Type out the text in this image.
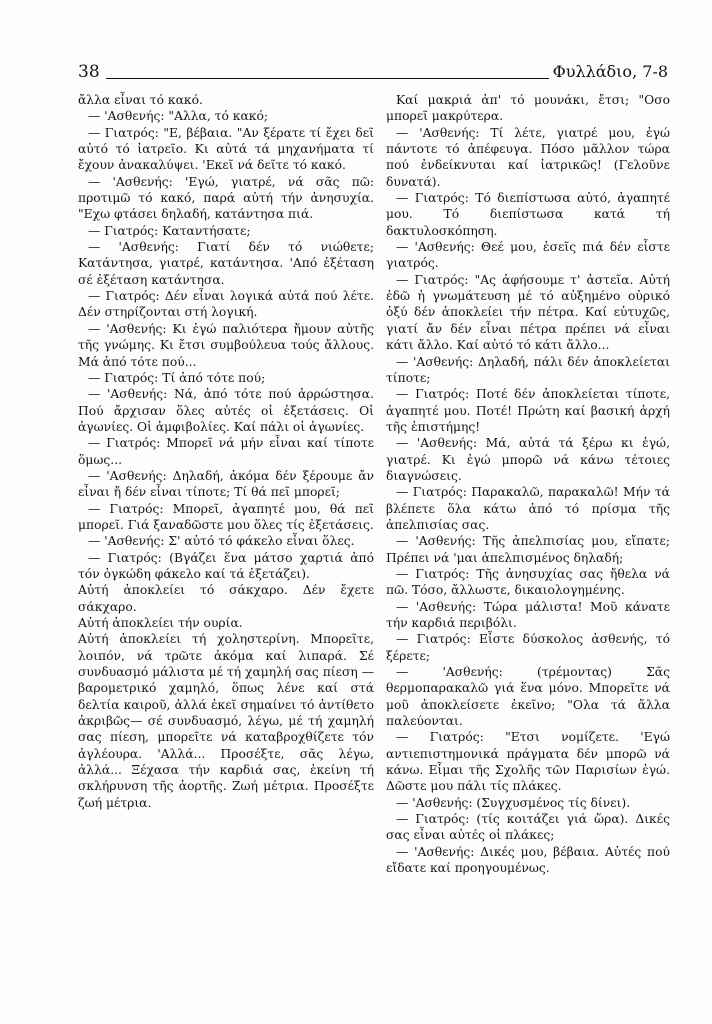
38	Φυλλάδιο, 7-8

ἄλλα εἶναι τό κακό.

— 'Ασθενής: "Αλλα, τό κακό;

— Γιατρός: "Ε, βέβαια. "Αν ξέρατε τί ἔχει δεῖ αὐτό τό ἰατρεῖο. Κι αὐτά τά μηχανήματα τί ἔχουν ἀνακαλύψει. 'Εκεῖ νά δεῖτε τό κακό.

— 'Ασθενής: 'Εγώ, γιατρέ, νά σᾶς πῶ: προτιμῶ τό κακό, παρά αὐτή τήν ἀνησυχία. "Εχω φτάσει δηλαδή, κατάντησα πιά.

— Γιατρός: Καταντήσατε;

— 'Ασθενής: Γιατί δέν τό νιώθετε; Κατάντησα, γιατρέ, κατάντησα. 'Από ἐξέταση σέ ἐξέταση κατάντησα.

— Γιατρός: Δέν εἶναι λογικά αὐτά πού λέτε. Δέν στηρίζονται στή λογική.

— 'Ασθενής: Κι ἐγώ παλιότερα ἤμουν αὐτῆς τῆς γνώμης. Κι ἔτσι συμβούλευα τούς ἄλλους. Μά ἀπό τότε πού...

— Γιατρός: Τί ἀπό τότε πού;

— 'Ασθενής: Νά, ἀπό τότε πού ἀρρώστησα. Πού ἄρχισαν ὅλες αὐτές οἱ ἐξετάσεις. Οἱ ἀγωνίες. Οἱ ἀμφιβολίες. Καί πάλι οἱ ἀγωνίες.

— Γιατρός: Μπορεῖ νά μήν εἶναι καί τίποτε ὅμως...

— 'Ασθενής: Δηλαδή, ἀκόμα δέν ξέρουμε ἄν εἶναι ἤ δέν εἶναι τίποτε; Τί θά πεῖ μπορεῖ;

— Γιατρός: Μπορεῖ, ἀγαπητέ μου, θά πεῖ μπορεῖ. Γιά ξαναδῶστε μου ὅλες τίς ἐξετάσεις.

— 'Ασθενής: Σ' αὐτό τό φάκελο εἶναι ὅλες.

— Γιατρός: (Βγάζει ἕνα μάτσο χαρτιά ἀπό τόν ὀγκώδη φάκελο καί τά ἐξετάζει).

Αὐτή ἀποκλείει τό σάκχαρο. Δέν ἔχετε σάκχαρο.

Αὐτή ἀποκλείει τήν ουρία.

Αὐτή ἀποκλείει τή χοληστερίνη. Μπορεῖτε, λοιπόν, νά τρῶτε ἀκόμα καί λιπαρά. Σέ συνδυασμό μάλιστα μέ τή χαμηλή σας πίεση —βαρομετρικό χαμηλό, ὅπως λένε καί στά δελτία καιροῦ, ἀλλά ἐκεῖ σημαίνει τό ἀντίθετο ἀκριβῶς— σέ συνδυασμό, λέγω, μέ τή χαμηλή σας πίεση, μπορεῖτε νά καταβροχθίζετε τόν ἀγλέουρα. 'Αλλά... Προσέξτε, σᾶς λέγω, ἀλλά... Ξέχασα τήν καρδιά σας, ἐκείνη τή σκλήρυνση τῆς ἀορτῆς. Ζωή μέτρια. Προσέξτε ζωή μέτρια.

Καί μακριά ἀπ' τό μουνάκι, ἔτσι; "Οσο μπορεῖ μακρύτερα.

— 'Ασθενής: Τί λέτε, γιατρέ μου, ἐγώ πάντοτε τό ἀπέφευγα. Πόσο μᾶλλον τώρα πού ἐνδείκνυται καί ἰατρικῶς! (Γελοῦνε δυνατά).

— Γιατρός: Τό διεπίστωσα αὐτό, ἀγαπητέ μου. Τό διεπίστωσα κατά τή δακτυλοσκόπηση.

— 'Ασθενής: Θεέ μου, ἐσεῖς πιά δέν εἶστε γιατρός.

— Γιατρός: "Ας ἀφήσουμε τ' ἀστεῖα. Αὐτή ἐδῶ ἡ γνωμάτευση μέ τό αὐξημένο οὐρικό ὀξύ δέν ἀποκλείει τήν πέτρα. Καί εὐτυχῶς, γιατί ἄν δέν εἶναι πέτρα πρέπει νά εἶναι κάτι ἄλλο. Καί αὐτό τό κάτι ἄλλο...

— 'Ασθενής: Δηλαδή, πάλι δέν ἀποκλείεται τίποτε;

— Γιατρός: Ποτέ δέν ἀποκλείεται τίποτε, ἀγαπητέ μου. Ποτέ! Πρώτη καί βασική ἀρχή τῆς ἐπιστήμης!

— 'Ασθενής: Μά, αὐτά τά ξέρω κι ἐγώ, γιατρέ. Κι ἐγώ μπορῶ νά κάνω τέτοιες διαγνώσεις.

— Γιατρός: Παρακαλῶ, παρακαλῶ! Μήν τά βλέπετε ὅλα κάτω ἀπό τό πρίσμα τῆς ἀπελπισίας σας.

— 'Ασθενής: Τῆς ἀπελπισίας μου, εἴπατε; Πρέπει νά 'μαι ἀπελπισμένος δηλαδή;

— Γιατρός: Τῆς ἀνησυχίας σας ἤθελα νά πῶ. Τόσο, ἄλλωστε, δικαιολογημένης.

— 'Ασθενής: Τώρα μάλιστα! Μοῦ κάνατε τήν καρδιά περιβόλι.

— Γιατρός: Εἶστε δύσκολος ἀσθενής, τό ξέρετε;

— 'Ασθενής: (τρέμοντας) Σᾶς θερμοπαρακαλῶ γιά ἕνα μόνο. Μπορεῖτε νά μοῦ ἀποκλείσετε ἐκεῖνο; "Ολα τά ἄλλα παλεύονται.

— Γιατρός: "Ετσι νομίζετε. 'Εγώ αντιεπιστημονικά πράγματα δέν μπορῶ νά κάνω. Εἶμαι τῆς Σχολῆς τῶν Παρισίων ἐγώ. Δῶστε μου πάλι τίς πλάκες.

— 'Ασθενής: (Συγχυσμένος τίς δίνει).

— Γιατρός: (τίς κοιτάζει γιά ὥρα). Δικές σας εἶναι αὐτές οἱ πλάκες;

— 'Ασθενής: Δικές μου, βέβαια. Αὐτές πού εἴδατε καί προηγουμένως.
